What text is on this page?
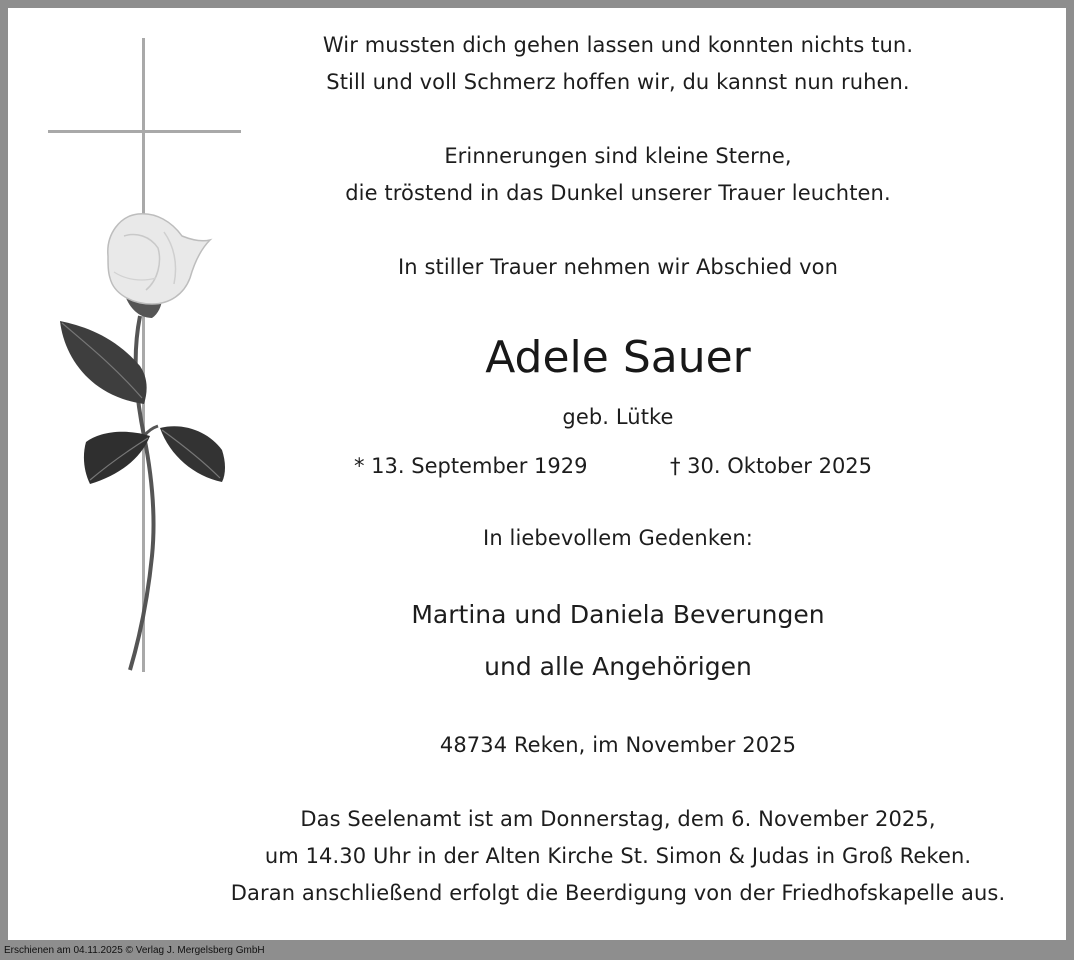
Wir mussten dich gehen lassen und konnten nichts tun.
Still und voll Schmerz hoffen wir, du kannst nun ruhen.
Erinnerungen sind kleine Sterne,
die tröstend in das Dunkel unserer Trauer leuchten.
In stiller Trauer nehmen wir Abschied von
Adele Sauer
geb. Lütke
* 13. September 1929	† 30. Oktober 2025
In liebevollem Gedenken:
Martina und Daniela Beverungen
und alle Angehörigen
48734 Reken, im November 2025
Das Seelenamt ist am Donnerstag, dem 6. November 2025,
um 14.30 Uhr in der Alten Kirche St. Simon & Judas in Groß Reken.
Daran anschließend erfolgt die Beerdigung von der Friedhofskapelle aus.
Erschienen am 04.11.2025 © Verlag J. Mergelsberg GmbH
